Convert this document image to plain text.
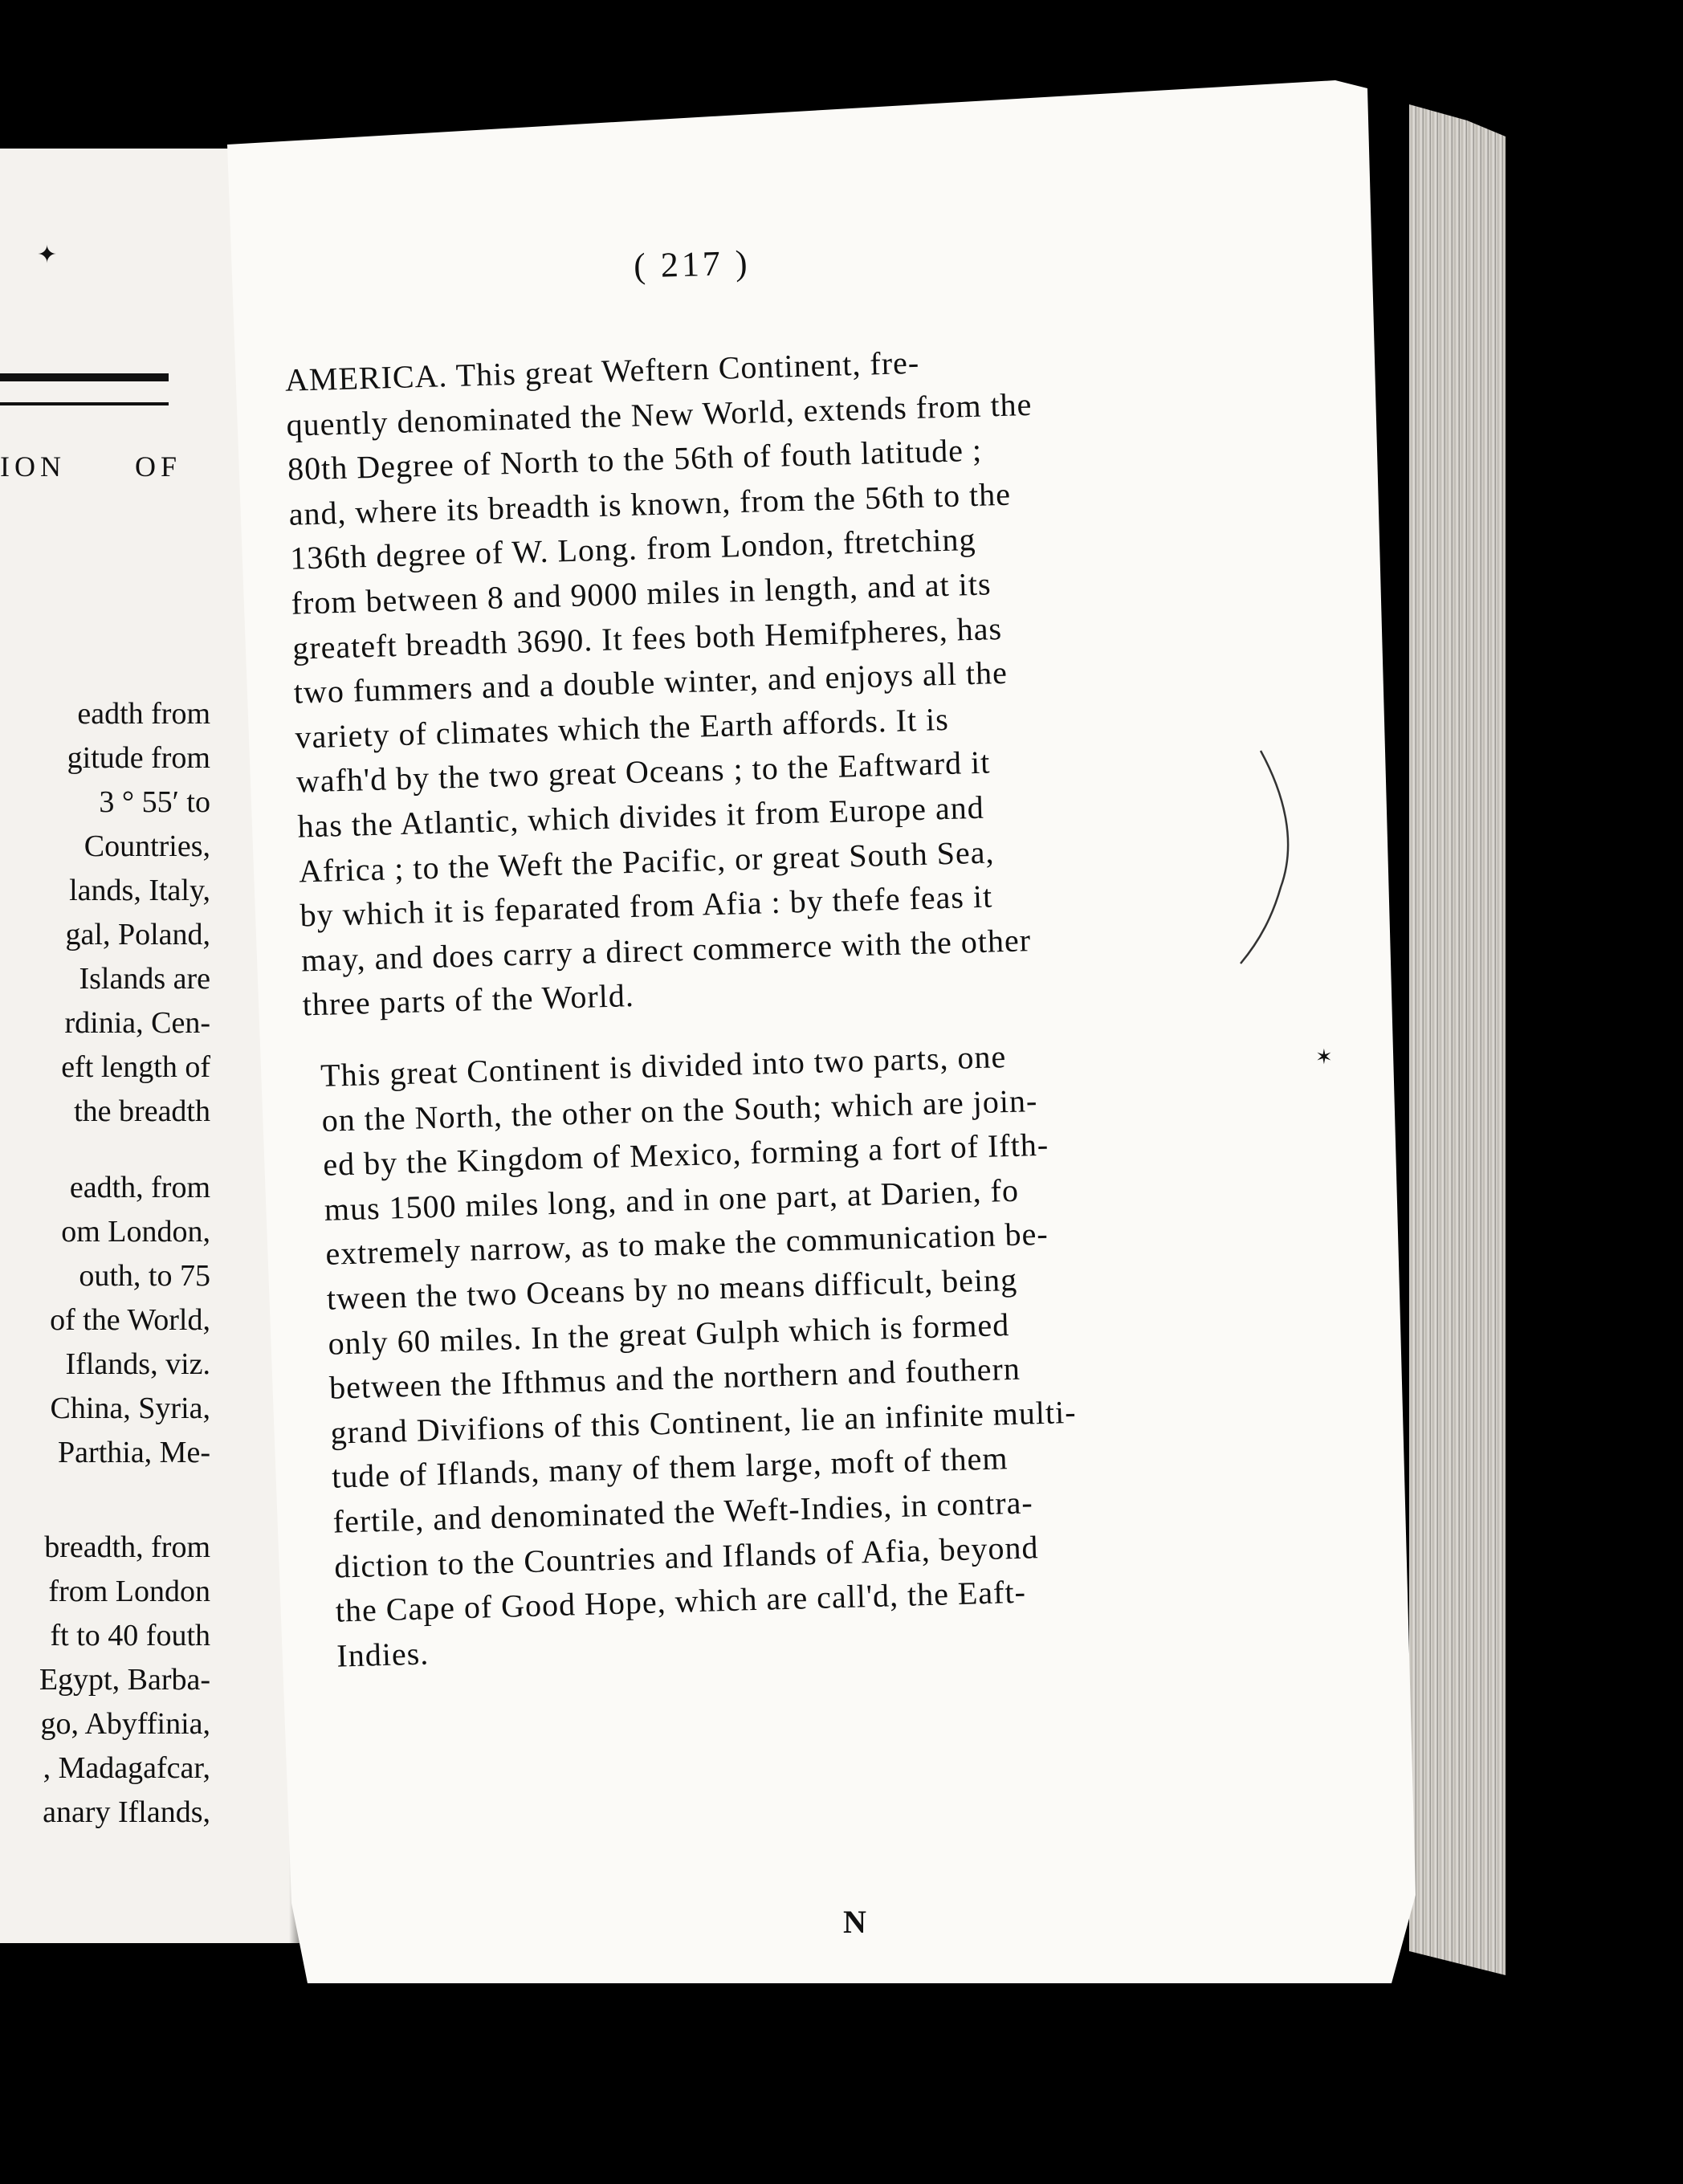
✦
ION OF
eadth from
gitude from
3 ° 55′ to
Countries,
lands, Italy,
gal, Poland,
Islands are
rdinia, Cen-
eft length of
the breadth
eadth, from
om London,
outh, to 75
of the World,
Iflands, viz.
China, Syria,
Parthia, Me-
breadth, from
from London
ft to 40 fouth
Egypt, Barba-
go, Abyffinia,
, Madagafcar,
anary Iflands,
( 217 )
AMERICA. This great Weftern Continent, fre-
quently denominated the New World, extends from the
80th Degree of North to the 56th of fouth latitude ;
and, where its breadth is known, from the 56th to the
136th degree of W. Long. from London, ftretching
from between 8 and 9000 miles in length, and at its
greateft breadth 3690. It fees both Hemifpheres, has
two fummers and a double winter, and enjoys all the
variety of climates which the Earth affords. It is
wafh'd by the two great Oceans ; to the Eaftward it
has the Atlantic, which divides it from Europe and
Africa ; to the Weft the Pacific, or great South Sea,
by which it is feparated from Afia : by thefe feas it
may, and does carry a direct commerce with the other
three parts of the World.
This great Continent is divided into two parts, one
on the North, the other on the South; which are join-
ed by the Kingdom of Mexico, forming a fort of Ifth-
mus 1500 miles long, and in one part, at Darien, fo
extremely narrow, as to make the communication be-
tween the two Oceans by no means difficult, being
only 60 miles. In the great Gulph which is formed
between the Ifthmus and the northern and fouthern
grand Divifions of this Continent, lie an infinite multi-
tude of Iflands, many of them large, moft of them
fertile, and denominated the Weft-Indies, in contra-
diction to the Countries and Iflands of Afia, beyond
the Cape of Good Hope, which are call'd, the Eaft-
Indies.
✶
N
